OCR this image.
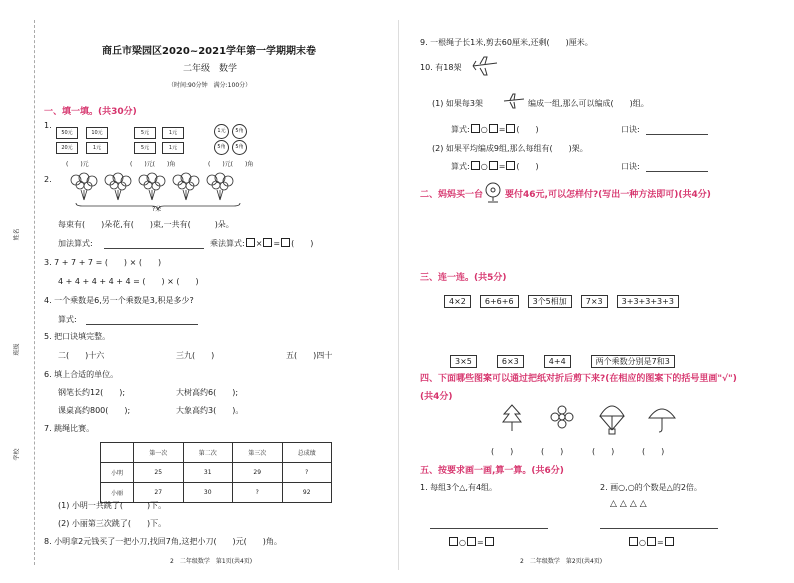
姓名
班级
学校
商丘市梁园区2020~2021学年第一学期期末卷
二年级　数学
（时间:90分钟　满分:100分）
一、填一填。(共30分)
1.
50元	10元
20元	1元
5元	1元
5元	1元
1元	5角
5角	5角
(　　)元	(　　)元(　　)角	(　　)元(　　)角
2.
?朵
每束有(　　)朵花,有(　　)束,一共有(　　　)朵。
加法算式:	乘法算式: × = (　　)
3. 7 + 7 + 7 = (　　) × (　　)
4 + 4 + 4 + 4 + 4 = (　　) × (　　)
4. 一个乘数是6,另一个乘数是3,积是多少?
算式:
5. 把口诀填完整。
二(　　)十六	三九(　　)	五(　　)四十
6. 填上合适的单位。
钢笔长约12(　　);	大树高约6(　　);
课桌高约800(　　);	大象高约3(　　)。
7. 跳绳比赛。
	第一次	第二次	第三次	总成绩
小明	25	31	29	?
小丽	27	30	?	92
(1) 小明一共跳了(　　　)下。
(2) 小丽第三次跳了(　　)下。
8. 小明拿2元钱买了一把小刀,找回7角,这把小刀(　　)元(　　)角。
2　二年级数学　第1页(共4页)
9. 一根绳子长1米,剪去60厘米,还剩(　　)厘米。
10. 有18架
(1) 如果每3架	编成一组,那么可以编成(　　)组。
算式: ○ = (　　)	口诀:
(2) 如果平均编成9组,那么每组有(　　)架。
算式: ○ = (　　)	口诀:
二、妈妈买一台 要付46元,可以怎样付?(写出一种方法即可)(共4分)
三、连一连。(共5分)
4×2 6+6+6 3个5相加 7×3 3+3+3+3+3
3×5	6×3	4+4	两个乘数分别是7和3
四、下面哪些图案可以通过把纸对折后剪下来?(在相应的图案下的括号里画"√")
(共4分)
(　　)	(　　)	(　　)	(　　)
五、按要求画一画,算一算。(共6分)
1. 每组3个△,有4组。	2. 画○,○的个数是△的2倍。
△△△△
○ =	○ =
2　二年级数学　第2页(共4页)
